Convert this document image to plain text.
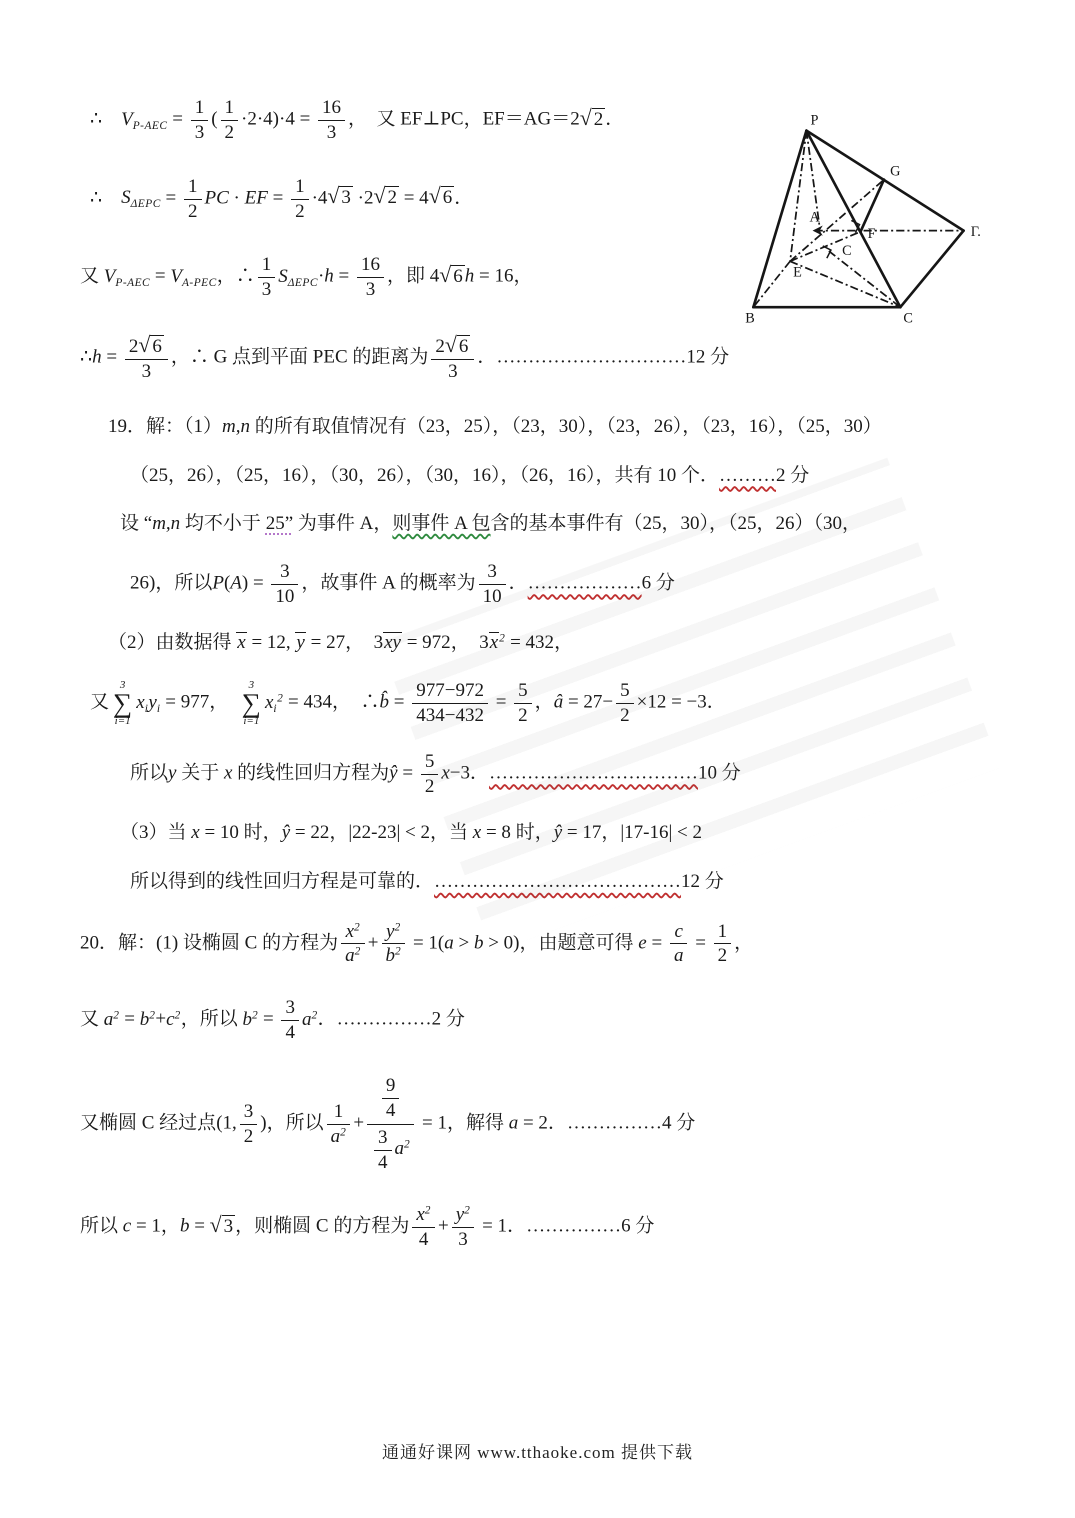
∴　$V_{P-AEC} = \frac{1}{3}$ ( $\frac{1}{2} \cdot 2\cdot 4)\cdot 4 = \frac{16}{3}$ ，　又 EF⊥PC，EF＝AG＝2√ 2 ．
∴　$S_{\Delta EPC} = \frac{1}{2}$ PC · EF = $\frac{1}{2} \cdot 4√$ 3 ·2√ 2 = 4√ 6 ．
又 $V_{P-AEC} = V_{A-PEC}$，∴ $\frac{1}{3} S_{\Delta EPC}\cdot h = \frac{16}{3}$ ，即 4√ 6 h = 16，
∴h = $\frac{2√ 6}{3}$ ，∴ G 点到平面 PEC 的距离为 $\frac{2√ 6}{3}$ ．…………………………12 分
19．解：（1）m,n 的所有取值情况有（23，25），（23，30），（23，26），（23，16），（25，30）
（25，26），（25，16），（30，26），（30，16），（26，16），共有 10 个．………2 分
设 “m,n 均不小于 25” 为事件 A，则事件 A 包含的基本事件有（25，30），（25，26）（30，
26)，所以$P(A) = \frac{3}{10}$ ，故事件 A 的概率为 $\frac{3}{10}$ ．………………6 分
（2）由数据得 x = 12, y = 27，　3xy = 972，　$3x^2 = 432$，
又
3
∑
i=1
$x_iy_i = 977$，　
3
∑
i=1
$x_i^2 = 434$，　∴b̂ = $\frac{977-972}{434-432} = \frac{5}{2}$ ，â = $27- \frac{5}{2} \times 12 = -3$．
所以y 关于 x 的线性回归方程为ŷ = $\frac{5}{2} x-3$．……………………………10 分
（3）当 x = 10 时，ŷ = 22，|22-23| < 2，当 x = 8 时，ŷ = 17，|17-16| < 2
所以得到的线性回归方程是可靠的．…………………………………12 分
20．解：(1) 设椭圆 C 的方程为 $\frac{x^2}{a^2} + \frac{y^2}{b^2} = 1(a > b > 0)$，由题意可得 $e = \frac{c}{a} = \frac{1}{2}$ ，
又 $a^2 = b^2+c^2$，所以 $b^2 = \frac{3}{4} a^2$．……………2 分
又椭圆 C 经过点(1, $\frac{3}{2}$ )，所以 $\frac{1}{a^2} + \frac{\frac{9}{4}}{\frac{3}{4} a^2} = 1$，解得 a = 2．……………4 分
所以 c = 1，b = √ 3 ，则椭圆 C 的方程为 $\frac{x^2}{4} + \frac{y^2}{3} = 1$．……………6 分
P
G
A
F	Γ.
C
E
B	C
通通好课网 www.tthaoke.com 提供下载
